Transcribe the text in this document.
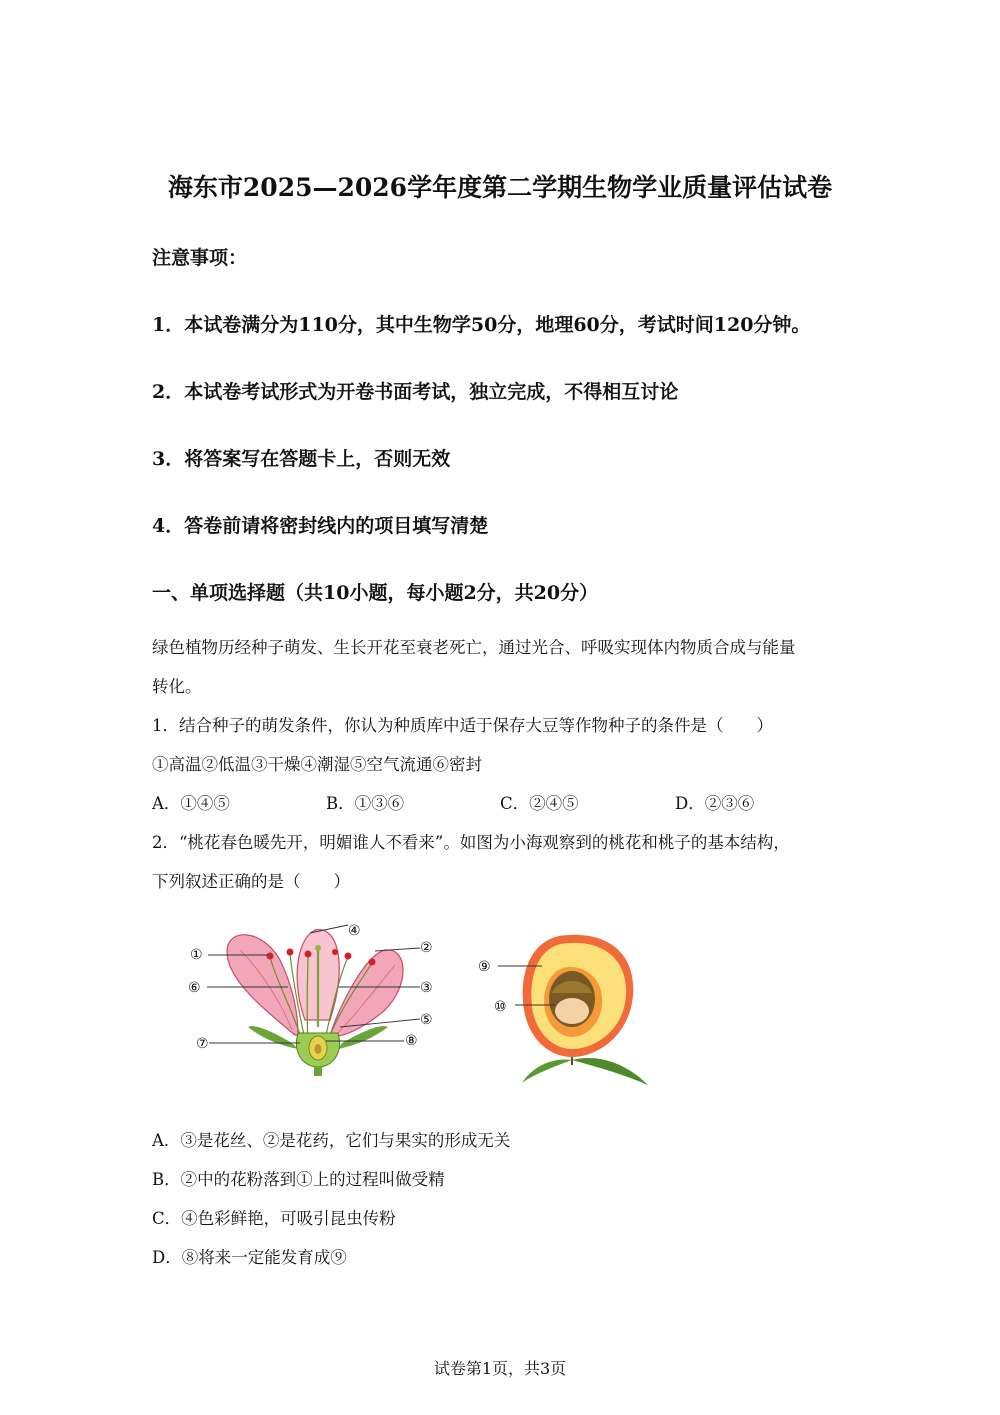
海东市2025—2026学年度第二学期生物学业质量评估试卷
注意事项：
1．本试卷满分为110分，其中生物学50分，地理60分，考试时间120分钟。
2．本试卷考试形式为开卷书面考试，独立完成，不得相互讨论
3．将答案写在答题卡上，否则无效
4．答卷前请将密封线内的项目填写清楚
一、单项选择题（共10小题，每小题2分，共20分）
绿色植物历经种子萌发、生长开花至衰老死亡，通过光合、呼吸实现体内物质合成与能量
转化。
1．结合种子的萌发条件，你认为种质库中适于保存大豆等作物种子的条件是（　　）
①高温②低温③干燥④潮湿⑤空气流通⑥密封
A．①④⑤	B．①③⑥	C．②④⑤	D．②③⑥
2．“桃花春色暖先开，明媚谁人不看来”。如图为小海观察到的桃花和桃子的基本结构，
下列叙述正确的是（　　）
①	②
③
④
⑤
⑥
⑦	⑧
⑨
⑩
A．③是花丝、②是花药，它们与果实的形成无关
B．②中的花粉落到①上的过程叫做受精
C．④色彩鲜艳，可吸引昆虫传粉
D．⑧将来一定能发育成⑨
试卷第1页，共3页
